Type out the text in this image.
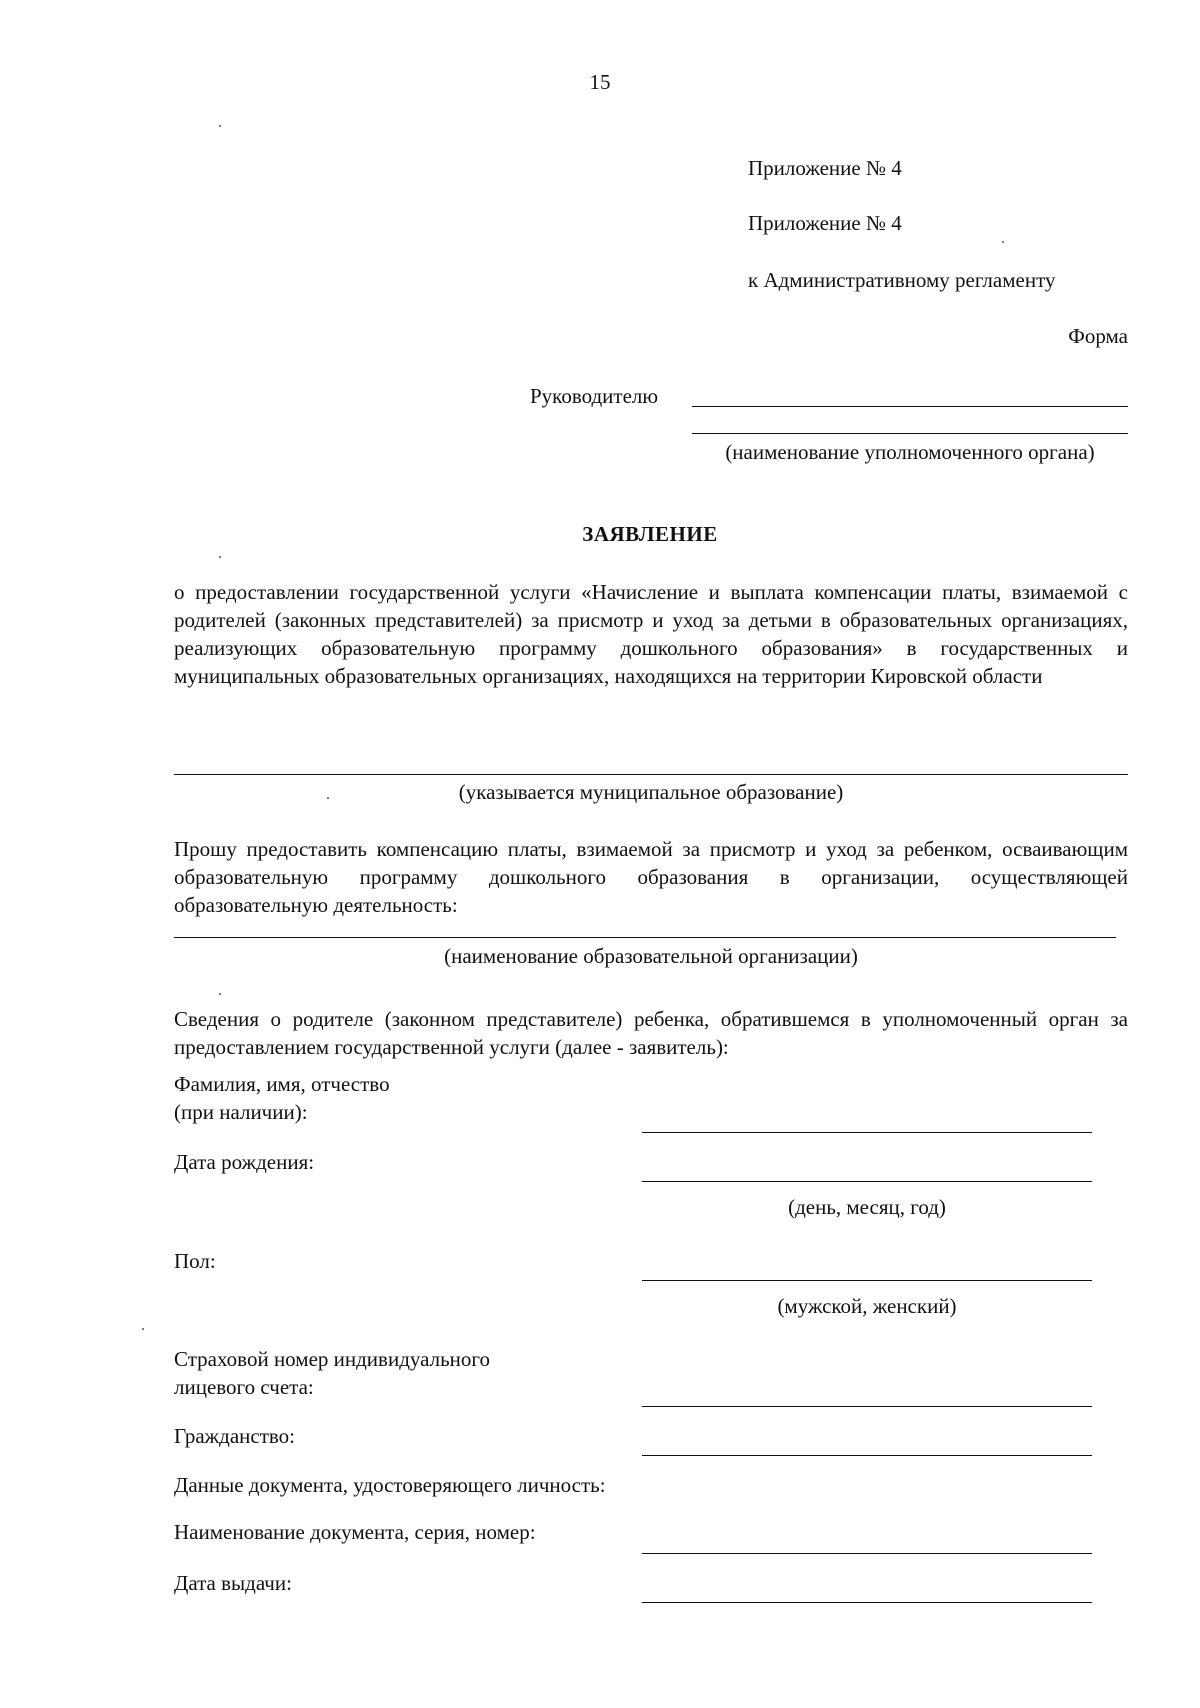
15
Приложение № 4
Приложение № 4
к Административному регламенту
Форма
Руководителю
(наименование уполномоченного органа)
ЗАЯВЛЕНИЕ

о предоставлении государственной услуги «Начисление и выплата компенсации платы, взимаемой с родителей (законных представителей) за присмотр и уход за детьми в образовательных организациях, реализующих образовательную программу дошкольного образования» в государственных и муниципальных образовательных организациях, находящихся на территории Кировской области

(указывается муниципальное образование)

Прошу предоставить компенсацию платы, взимаемой за присмотр и уход за ребенком, осваивающим образовательную программу дошкольного образования в организации, осуществляющей образовательную деятельность:

(наименование образовательной организации)

Сведения о родителе (законном представителе) ребенка, обратившемся в уполномоченный орган за предоставлением государственной услуги (далее - заявитель):

Фамилия, имя, отчество
(при наличии):
Дата рождения:
(день, месяц, год)
Пол:
(мужской, женский)
Страховой номер индивидуального
лицевого счета:
Гражданство:
Данные документа, удостоверяющего личность:
Наименование документа, серия, номер:
Дата выдачи:
